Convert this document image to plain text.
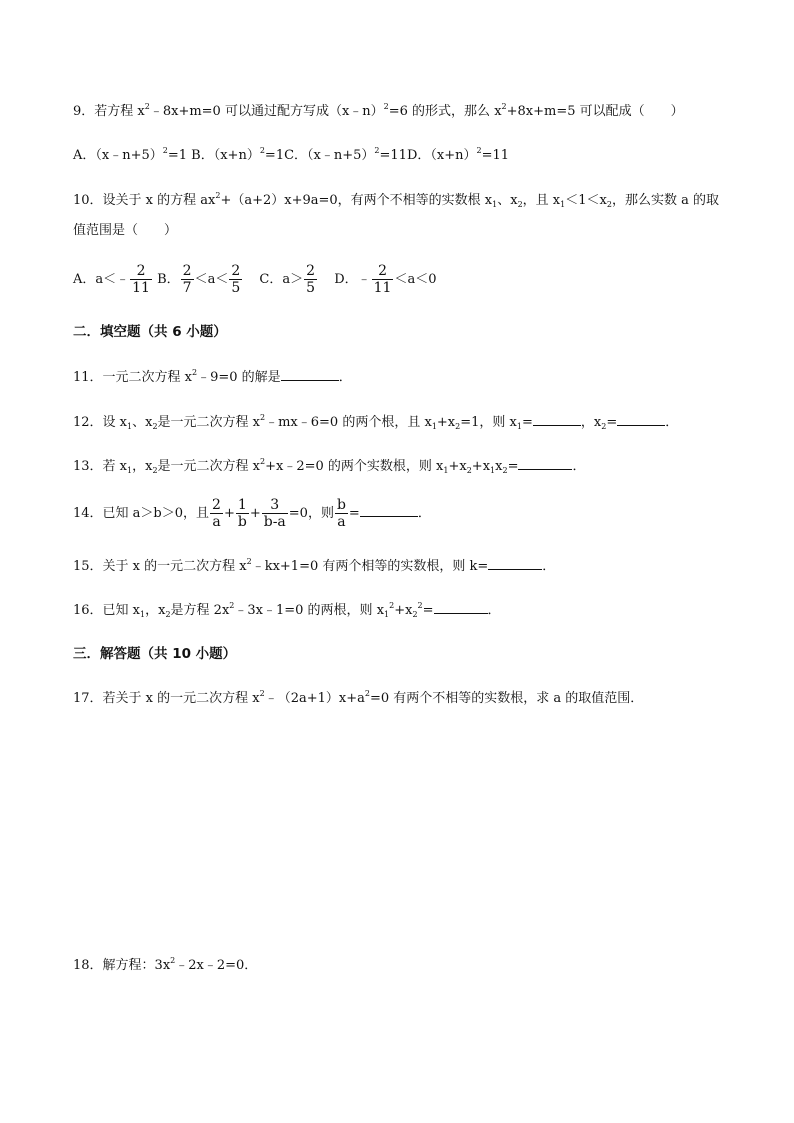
9．若方程 $x^2﹣8x+m=0$ 可以通过配方写成（x﹣n）$^2$=6 的形式，那么 $x^2+8x+m=5$ 可以配成（　　）
A．（x﹣n+5）$^2$=1 B．$(x+n)^2=1C$．（x﹣n+5）$^2$=11D．$(x+n)^2=11$
10．设关于 x 的方程 $ax^2+(a+2)x+9a=0$，有两个不相等的实数根 $x_1$、$x_2$，且 $x_1<1<x_2$，那么实数 a 的取
值范围是（　　）
A．a＜﹣ $\frac{2}{11}$ B． $\frac{2}{7} <a< \frac{2}{5}$ C．$a> \frac{2}{5}$ D．﹣ $\frac{2}{11} <a<0$
二．填空题（共 6 小题）
11．一元二次方程 $x^2﹣9=0$ 的解是	．
12．设 $x_1$、$x_2$是一元二次方程 $x^2﹣mx﹣6=0$ 的两个根，且 $x_1+x_2=1$，则 $x_1=$	，$x_2=$	．
13．若 $x_1$，$x_2$是一元二次方程 $x^2+x﹣2=0$ 的两个实数根，则 $x_1+x_2+x_1x_2=$	．
14．已知 a＞b＞0，且 $\frac{2}{a} + \frac{1}{b} + \frac{3}{b-a} =0$，则 $\frac{b}{a}$ =	．
15．关于 x 的一元二次方程 $x^2﹣kx+1=0$ 有两个相等的实数根，则 k=	．
16．已知 $x_1$，$x_2$是方程 $2x^2﹣3x﹣1=0$ 的两根，则 $x_1^2+x_2^2=$	．
三．解答题（共 10 小题）
17．若关于 x 的一元二次方程 $x^2﹣(2a+1)x+a^2=0$ 有两个不相等的实数根，求 a 的取值范围．
18．解方程：$3x^2﹣2x﹣2=0$．
